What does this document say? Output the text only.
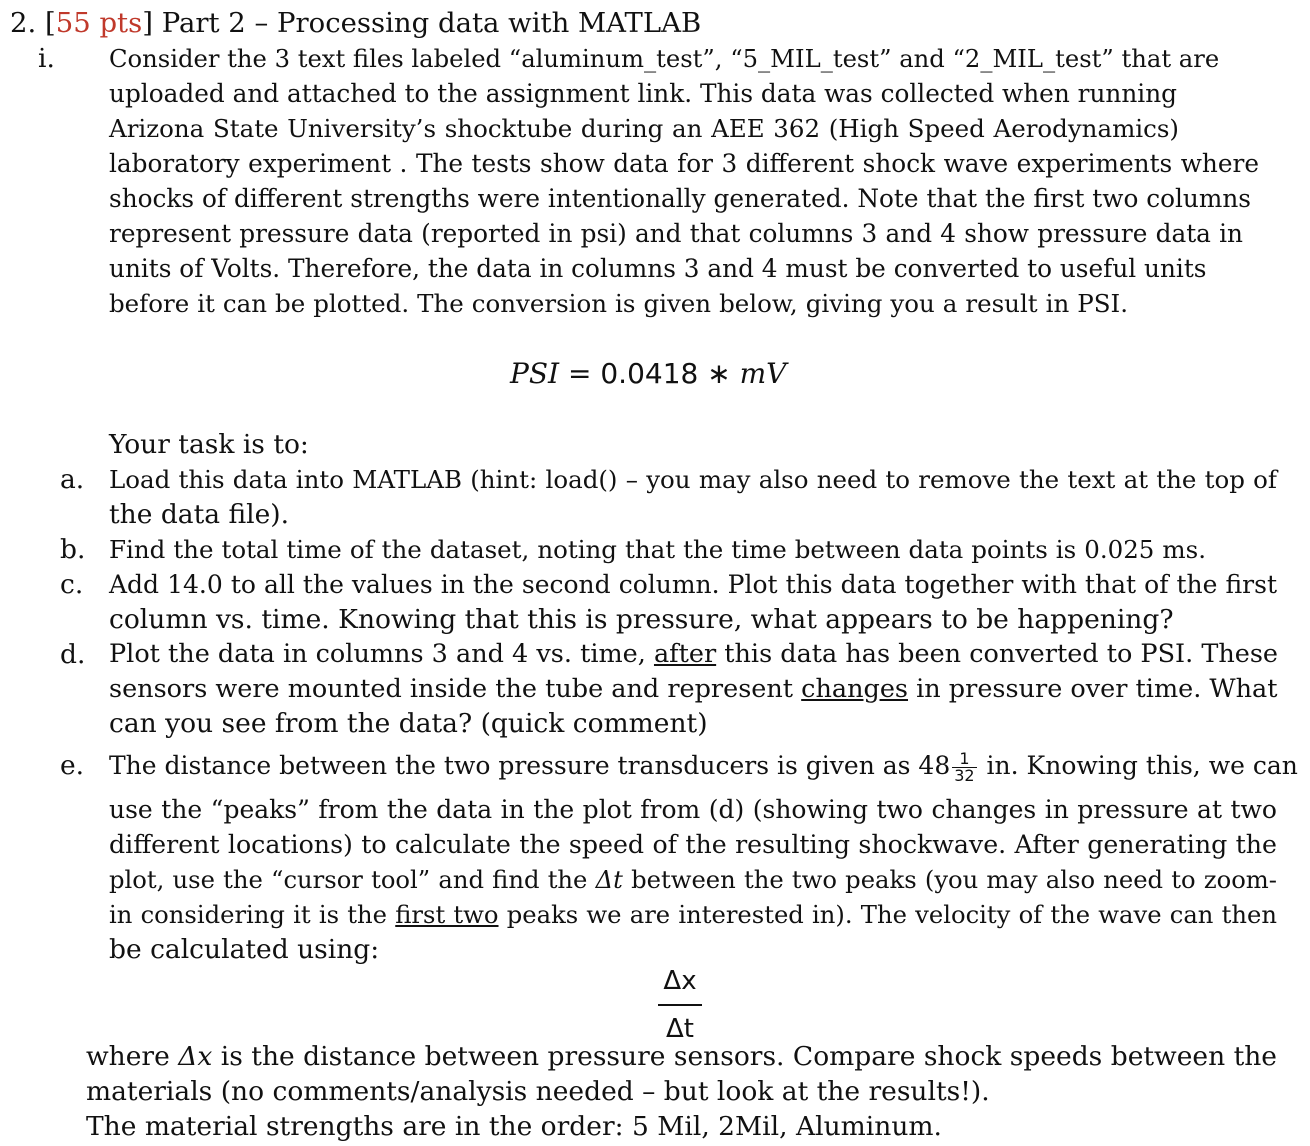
2. [55 pts] Part 2 – Processing data with MATLAB
i. Consider the 3 text files labeled “aluminum_test”, “5_MIL_test” and “2_MIL_test” that are
uploaded and attached to the assignment link. This data was collected when running
Arizona State University’s shocktube during an AEE 362 (High Speed Aerodynamics)
laboratory experiment . The tests show data for 3 different shock wave experiments where
shocks of different strengths were intentionally generated. Note that the first two columns
represent pressure data (reported in psi) and that columns 3 and 4 show pressure data in
units of Volts. Therefore, the data in columns 3 and 4 must be converted to useful units
before it can be plotted. The conversion is given below, giving you a result in PSI.
PSI = 0.0418 ∗ mV
Your task is to:
a. Load this data into MATLAB (hint: load() – you may also need to remove the text at the top of
the data file).
b. Find the total time of the dataset, noting that the time between data points is 0.025 ms.
c. Add 14.0 to all the values in the second column. Plot this data together with that of the first
column vs. time. Knowing that this is pressure, what appears to be happening?
d. Plot the data in columns 3 and 4 vs. time, after this data has been converted to PSI. These
sensors were mounted inside the tube and represent changes in pressure over time. What
can you see from the data? (quick comment)
e. The distance between the two pressure transducers is given as $48 \frac{1}{32}$ in. Knowing this, we can
use the “peaks” from the data in the plot from (d) (showing two changes in pressure at two
different locations) to calculate the speed of the resulting shockwave. After generating the
plot, use the “cursor tool” and find the Δt between the two peaks (you may also need to zoom-
in considering it is the first two peaks we are interested in). The velocity of the wave can then
be calculated using:
Δx
Δt
where Δx is the distance between pressure sensors. Compare shock speeds between the
materials (no comments/analysis needed – but look at the results!).
The material strengths are in the order: 5 Mil, 2Mil, Aluminum.
